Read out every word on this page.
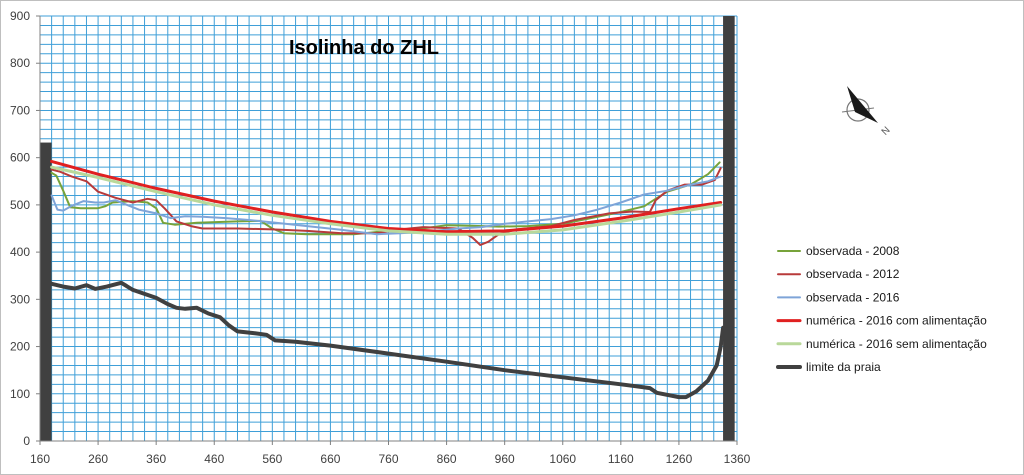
160	260	360	460	560	660	760	860	960	1060	1160	1260	1360
0
100
200
300
400
500
600
700
800
900
Isolinha do ZHL
observada - 2008
observada - 2012
observada - 2016
numérica - 2016 com alimentação
numérica - 2016 sem alimentação
limite da praia
N
